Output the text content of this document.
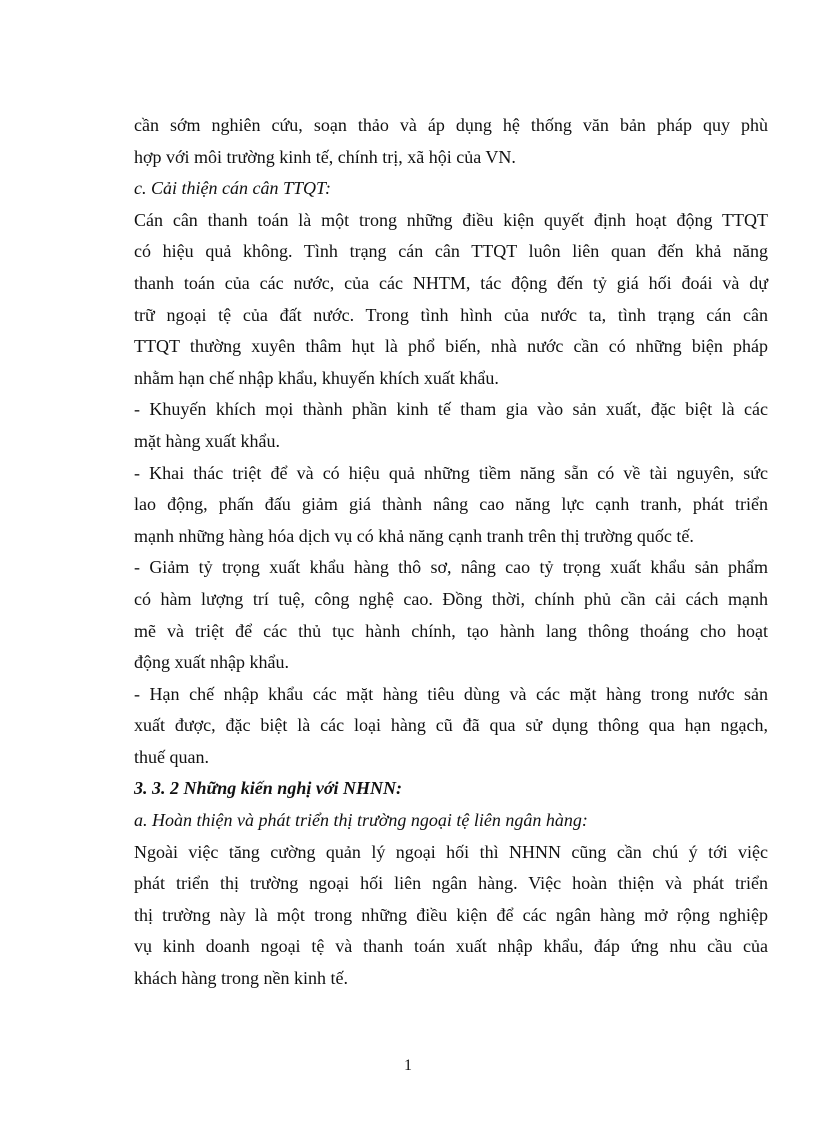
cần sớm nghiên cứu, soạn thảo và áp dụng hệ thống văn bản pháp quy phù
hợp với môi trường kinh tế, chính trị, xã hội của VN.
c. Cải thiện cán cân TTQT:
Cán cân thanh toán là một trong những điều kiện quyết định hoạt động TTQT
có hiệu quả không. Tình trạng cán cân TTQT luôn liên quan đến khả năng
thanh toán của các nước, của các NHTM, tác động đến tỷ giá hối đoái và dự
trữ ngoại tệ của đất nước. Trong tình hình của nước ta, tình trạng cán cân
TTQT thường xuyên thâm hụt là phổ biến, nhà nước cần có những biện pháp
nhằm hạn chế nhập khẩu, khuyến khích xuất khẩu.
- Khuyến khích mọi thành phần kinh tế tham gia vào sản xuất, đặc biệt là các
mặt hàng xuất khẩu.
- Khai thác triệt để và có hiệu quả những tiềm năng sẵn có về tài nguyên, sức
lao động, phấn đấu giảm giá thành nâng cao năng lực cạnh tranh, phát triển
mạnh những hàng hóa dịch vụ có khả năng cạnh tranh trên thị trường quốc tế.
- Giảm tỷ trọng xuất khẩu hàng thô sơ, nâng cao tỷ trọng xuất khẩu sản phẩm
có hàm lượng trí tuệ, công nghệ cao. Đồng thời, chính phủ cần cải cách mạnh
mẽ và triệt để các thủ tục hành chính, tạo hành lang thông thoáng cho hoạt
động xuất nhập khẩu.
- Hạn chế nhập khẩu các mặt hàng tiêu dùng và các mặt hàng trong nước sản
xuất được, đặc biệt là các loại hàng cũ đã qua sử dụng thông qua hạn ngạch,
thuế quan.
3. 3. 2 Những kiến nghị với NHNN:
a. Hoàn thiện và phát triển thị trường ngoại tệ liên ngân hàng:
Ngoài việc tăng cường quản lý ngoại hối thì NHNN cũng cần chú ý tới việc
phát triển thị trường ngoại hối liên ngân hàng. Việc hoàn thiện và phát triển
thị trường này là một trong những điều kiện để các ngân hàng mở rộng nghiệp
vụ kinh doanh ngoại tệ và thanh toán xuất nhập khẩu, đáp ứng nhu cầu của
khách hàng trong nền kinh tế.
1
